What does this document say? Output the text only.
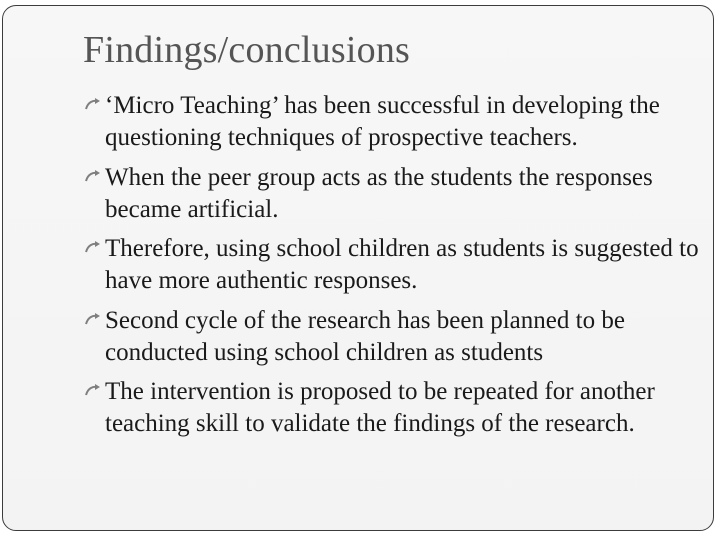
Findings/conclusions
‘Micro Teaching’ has been successful in developing the questioning techniques of prospective teachers.
When the peer group acts as the students the responses became artificial.
Therefore, using school children as students is suggested to have more authentic responses.
Second cycle of the research has been planned to be conducted using school children as students
The intervention is proposed to be repeated for another teaching skill to validate the findings of the research.
